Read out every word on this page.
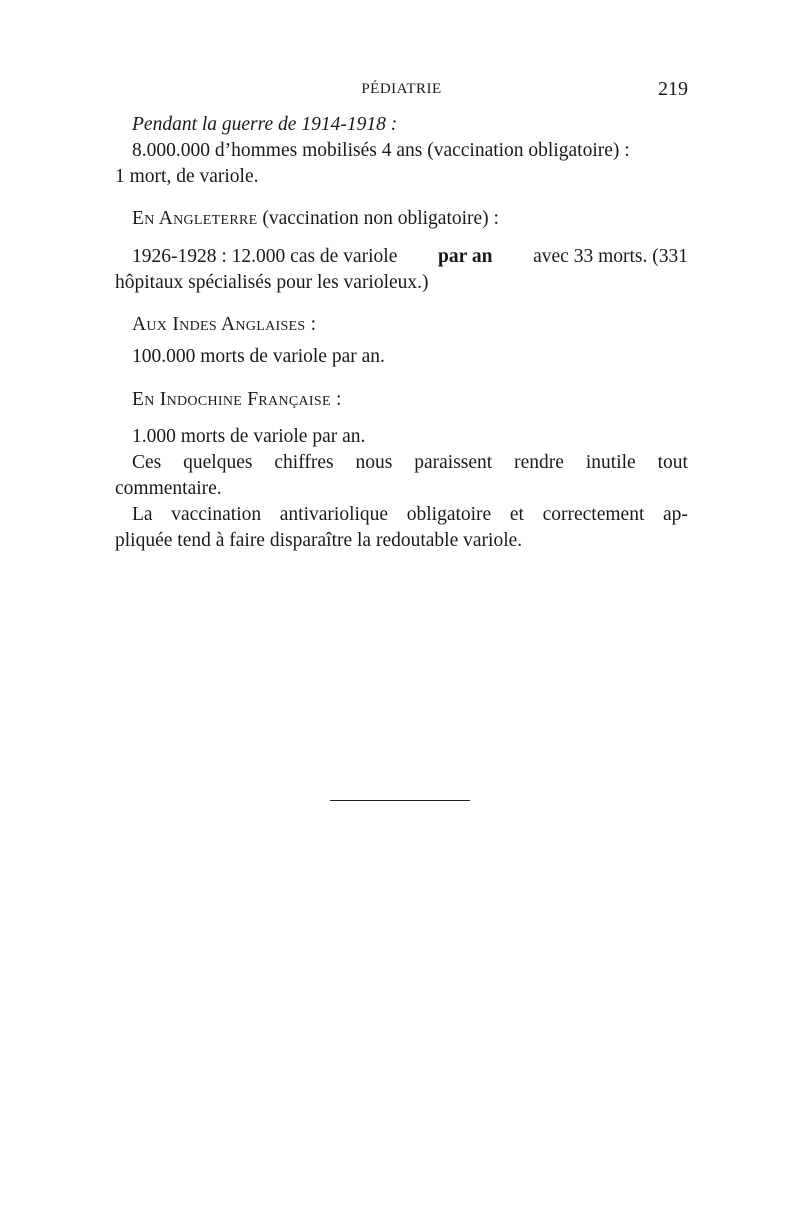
PÉDIATRIE	219
Pendant la guerre de 1914-1918 :
8.000.000 d’hommes mobilisés 4 ans (vaccination obligatoire) :
1 mort, de variole.
En Angleterre (vaccination non obligatoire) :
1926-1928 : 12.000 cas de variole par an avec 33 morts. (331
hôpitaux spécialisés pour les varioleux.)
Aux Indes Anglaises :
100.000 morts de variole par an.
En Indochine Française :
1.000 morts de variole par an.
Ces quelques chiffres nous paraissent rendre inutile tout
commentaire.
La vaccination antivariolique obligatoire et correctement ap-
pliquée tend à faire disparaître la redoutable variole.
